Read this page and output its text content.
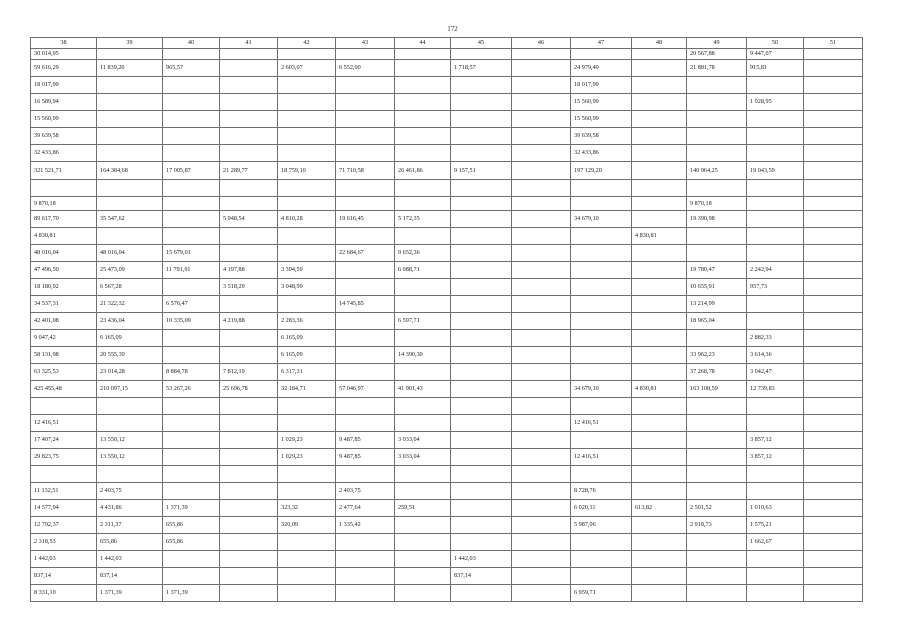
172
38	39	40	41	42	43	44	45	46	47	48	49	50	51
30 014,95											20 567,88	9 447,07	
59 616,29	11 839,20	965,57		2 603,07	6 552,00		1 718,57		24 979,49		21 881,78	915,81	
18 017,99									18 017,99				
16 589,94									15 560,99			1 028,95	
15 560,99									15 560,99				
39 639,58									39 639,58				
32 433,86									32 433,86				
321 521,71	164 384,68	17 005,87	21 289,77	18 759,10	71 710,58	26 461,86	9 157,51		197 129,20		140 964,25	19 043,59	

9 870,18											9 870,18		
89 617,70	35 547,62		5 948,54	4 810,28	19 616,45	5 172,35			34 679,10		19 390,98		
4 830,81										4 830,81			
48 016,04	48 016,04	15 679,01			22 684,67	9 652,36							
47 496,50	25 473,09	11 791,91	4 197,88	3 394,59		6 088,71					19 780,47	2 242,94	
18 180,92	6 567,28		3 518,29	3 048,99							10 655,91	957,73	
34 537,31	21 322,32	6 576,47			14 745,85						13 214,99		
42 401,08	23 436,04	10 335,09	4 219,88	2 283,36		6 597,71					18 965,04		
9 047,42	6 165,09			6 165,09								2 882,33	
58 131,98	20 555,39			6 165,09		14 390,30					33 962,23	3 614,36	
63 325,53	23 014,28	8 884,78	7 812,19	6 317,31							37 268,78	3 042,47	
425 455,48	210 097,15	53 267,26	25 696,78	32 184,71	57 046,97	41 901,43			34 679,10	4 830,81	163 108,59	12 739,83	

12 416,51									12 416,51				
17 407,24	13 550,12			1 029,23	9 487,85	3 033,04						3 857,12	
29 823,75	13 550,12			1 029,23	9 487,85	3 033,04			12 416,51			3 857,12	

11 132,51	2 403,75				2 403,75				8 728,76				
14 577,94	4 431,86	1 371,39		323,32	2 477,64	259,51			6 020,11	613,82	2 501,52	1 010,63	
12 792,37	2 311,37	655,86		320,09	1 335,42				5 987,06		2 918,73	1 575,21	
2 318,53	655,86	655,86										1 662,67	
1 442,03	1 442,03						1 442,03						
837,14	837,14						837,14						
8 331,10	1 371,39	1 371,39							6 959,71				
